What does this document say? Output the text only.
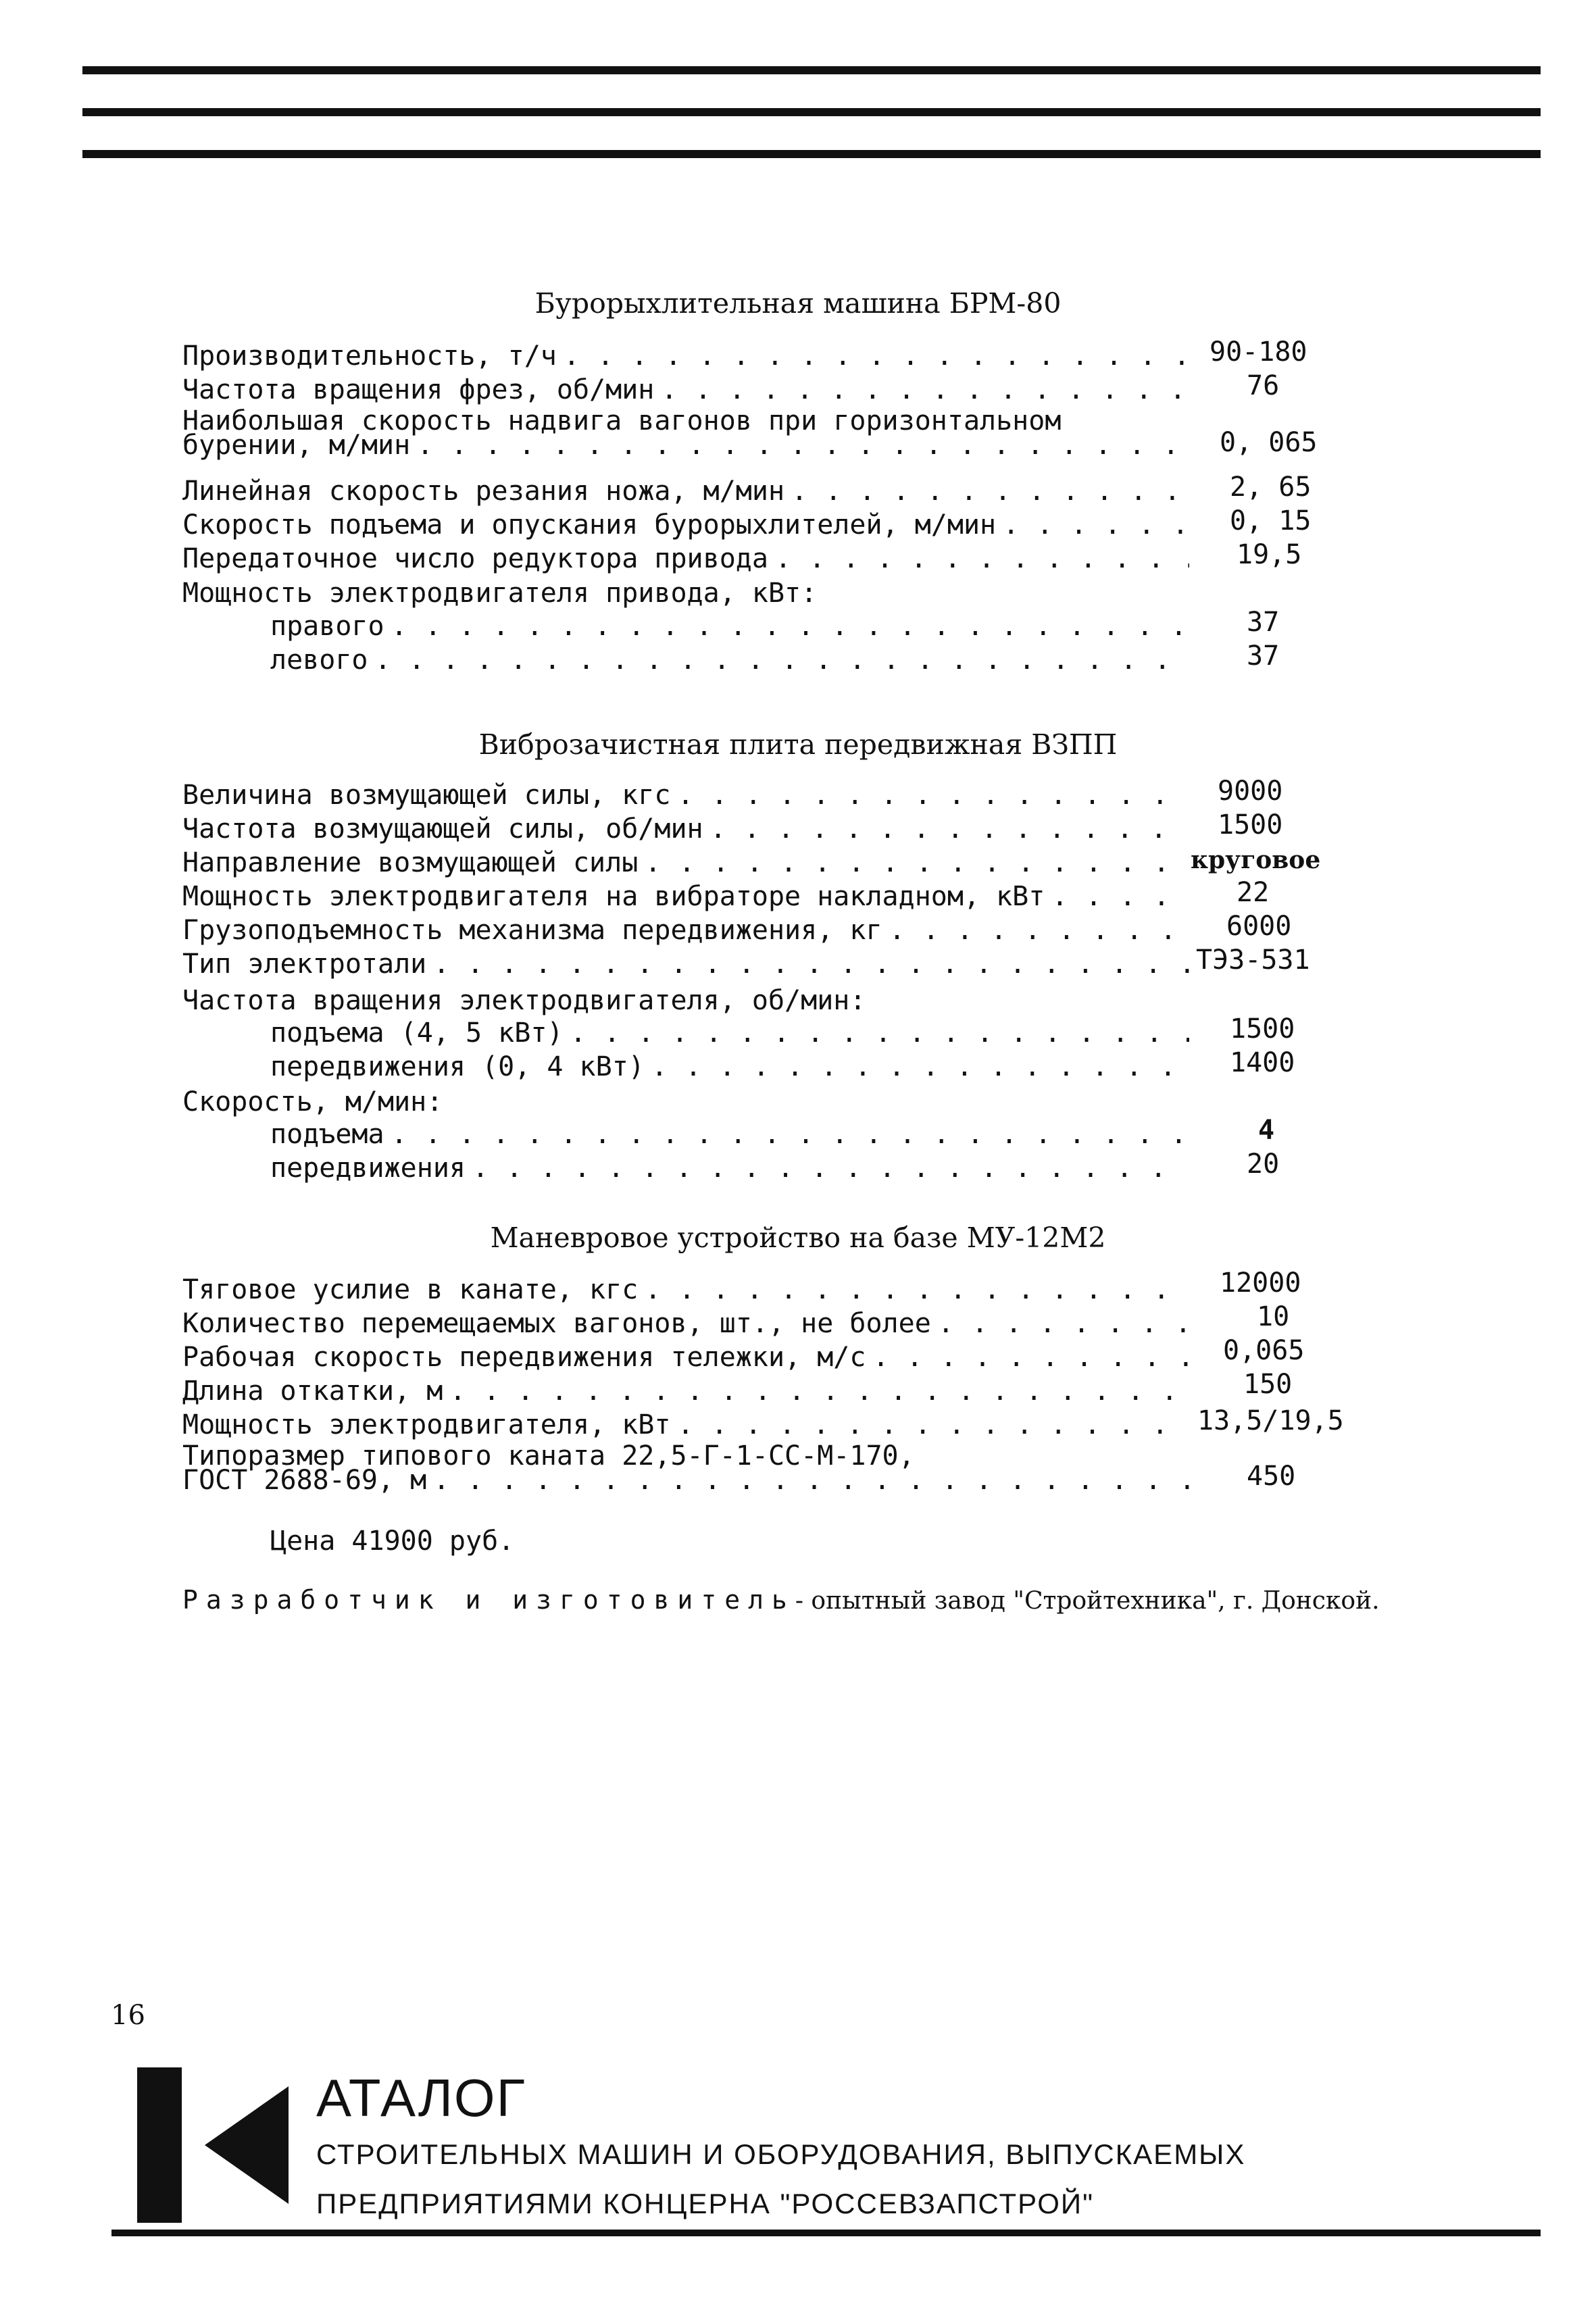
Бурорыхлительная машина БРМ-80
Производительность, т/ч . . .	90-180
Частота вращения фрез, об/мин . . .	76
Наибольшая скорость надвига вагонов при горизонтальном
бурении, м/мин . . .	0, 065
Линейная скорость резания ножа, м/мин . . .	2, 65
Скорость подъема и опускания бурорыхлителей, м/мин . . .	0, 15
Передаточное число редуктора привода . . .	19,5
Мощность электродвигателя привода, кВт:
правого . . .	37
левого . . .	37
Виброзачистная плита передвижная ВЗПП
Величина возмущающей силы, кгс . . .	9000
Частота возмущающей силы, об/мин . . .	1500
Направление возмущающей силы . . .	круговое
Мощность электродвигателя на вибраторе накладном, кВт . . .	22
Грузоподъемность механизма передвижения, кг . . .	6000
Тип электротали . . .	ТЭЗ-531
Частота вращения электродвигателя, об/мин:
подъема (4, 5 кВт) . . .	1500
передвижения (0, 4 кВт) . . .	1400
Скорость, м/мин:
подъема . . .	4
передвижения . . .	20
Маневровое устройство на базе МУ-12М2
Тяговое усилие в канате, кгс . . .	12000
Количество перемещаемых вагонов, шт., не более . . .	10
Рабочая скорость передвижения тележки, м/с . . .	0,065
Длина откатки, м . . .	150
Мощность электродвигателя, кВт . . .	13,5/19,5
Типоразмер типового каната 22,5-Г-1-СС-М-170,
ГОСТ 2688-69, м . . .	450
Цена 41900 руб.
Разработчик и изготовитель- опытный завод "Стройтехника", г. Донской.
16
АТАЛОГ
СТРОИТЕЛЬНЫХ МАШИН И ОБОРУДОВАНИЯ, ВЫПУСКАЕМЫХ
ПРЕДПРИЯТИЯМИ КОНЦЕРНА "РОССЕВЗАПСТРОЙ"
